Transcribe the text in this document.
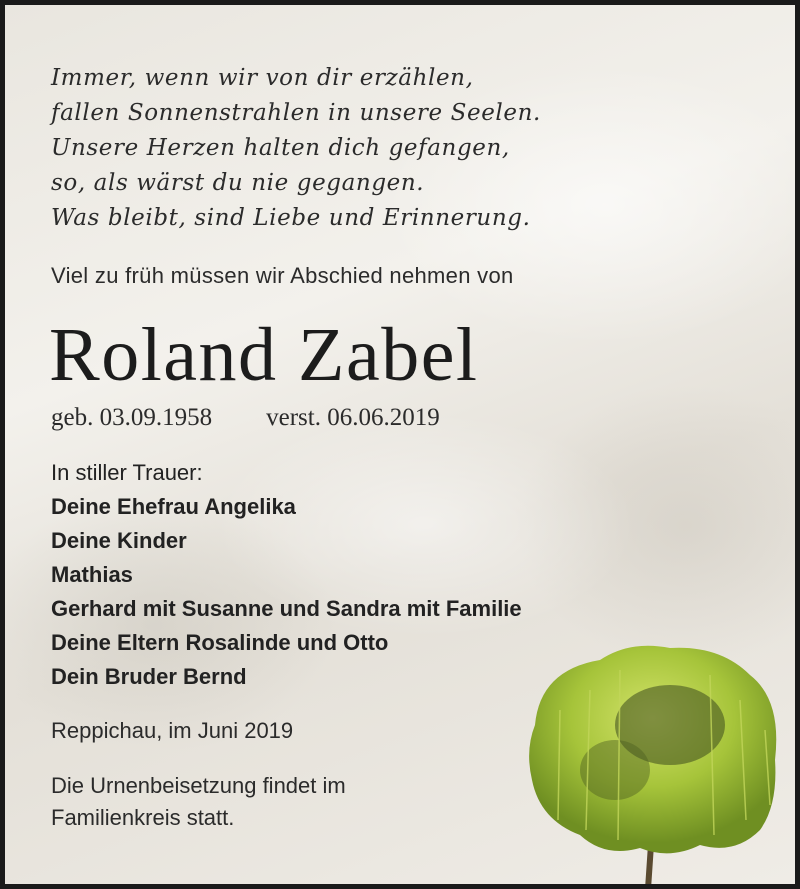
Immer, wenn wir von dir erzählen,
fallen Sonnenstrahlen in unsere Seelen.
Unsere Herzen halten dich gefangen,
so, als wärst du nie gegangen.
Was bleibt, sind Liebe und Erinnerung.
Viel zu früh müssen wir Abschied nehmen von
Roland Zabel
geb. 03.09.1958 verst. 06.06.2019
In stiller Trauer:
Deine Ehefrau Angelika
Deine Kinder
Mathias
Gerhard mit Susanne und Sandra mit Familie
Deine Eltern Rosalinde und Otto
Dein Bruder Bernd
Reppichau, im Juni 2019
Die Urnenbeisetzung findet im
Familienkreis statt.
